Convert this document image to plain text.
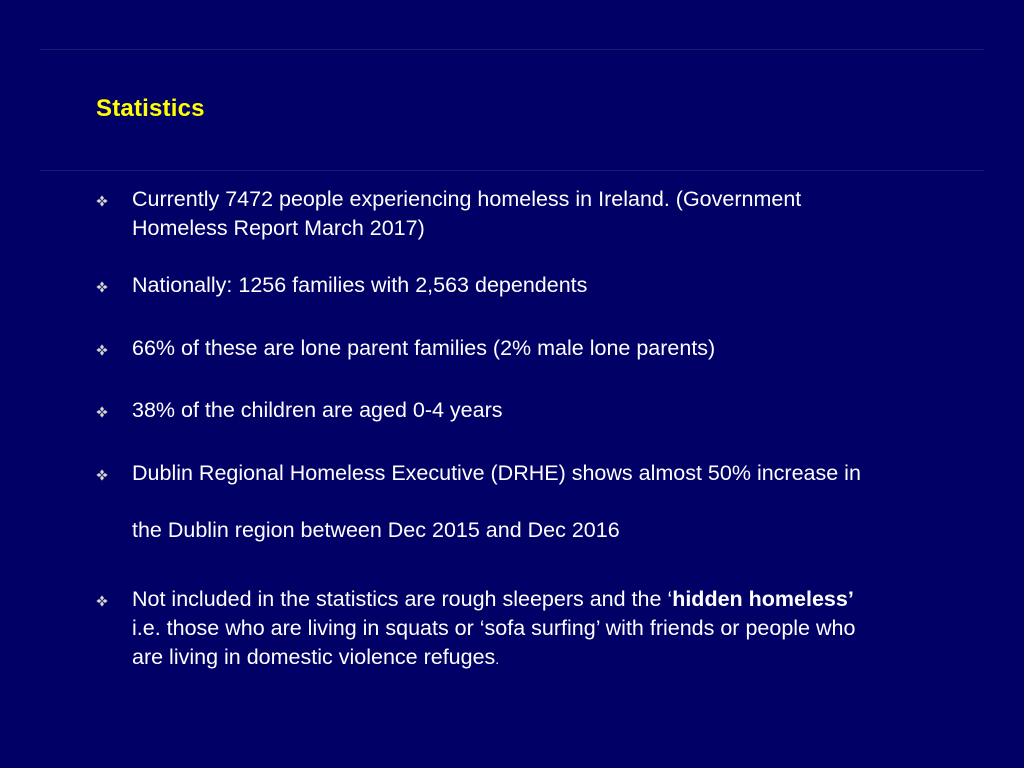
Statistics
Currently 7472 people experiencing homeless in Ireland. (Government
Homeless Report March 2017)
Nationally: 1256 families with 2,563 dependents
66% of these are lone parent families (2% male lone parents)
38% of the children are aged 0-4 years
Dublin Regional Homeless Executive (DRHE) shows almost 50% increase in
the Dublin region between Dec 2015 and Dec 2016
Not included in the statistics are rough sleepers and the ‘hidden homeless’
i.e. those who are living in squats or ‘sofa surfing’ with friends or people who
are living in domestic violence refuges.
